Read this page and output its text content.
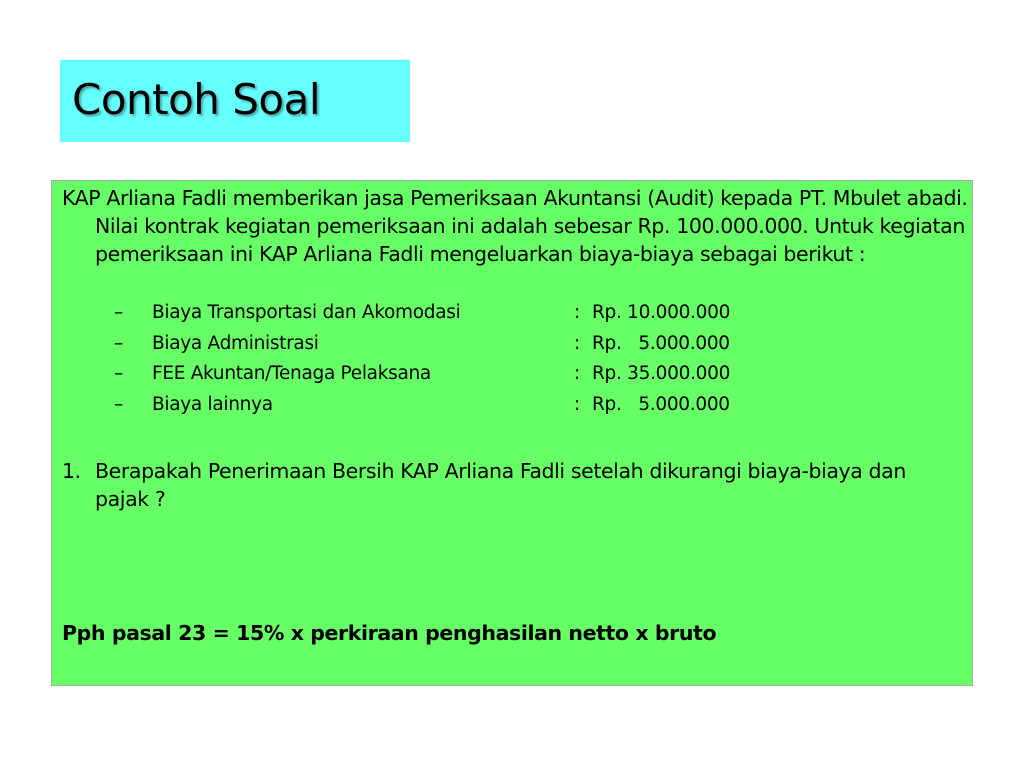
Contoh Soal
KAP Arliana Fadli memberikan jasa Pemeriksaan Akuntansi (Audit) kepada PT. Mbulet abadi. Nilai kontrak kegiatan pemeriksaan ini adalah sebesar Rp. 100.000.000. Untuk kegiatan pemeriksaan ini KAP Arliana Fadli mengeluarkan biaya-biaya sebagai berikut :
– Biaya Transportasi dan Akomodasi	: Rp. 10.000.000
– Biaya Administrasi	: Rp.   5.000.000
– FEE Akuntan/Tenaga Pelaksana	: Rp. 35.000.000
– Biaya lainnya	: Rp.   5.000.000
1. Berapakah Penerimaan Bersih KAP Arliana Fadli setelah dikurangi biaya-biaya dan pajak ?
Pph pasal 23 = 15% x perkiraan penghasilan netto x bruto
